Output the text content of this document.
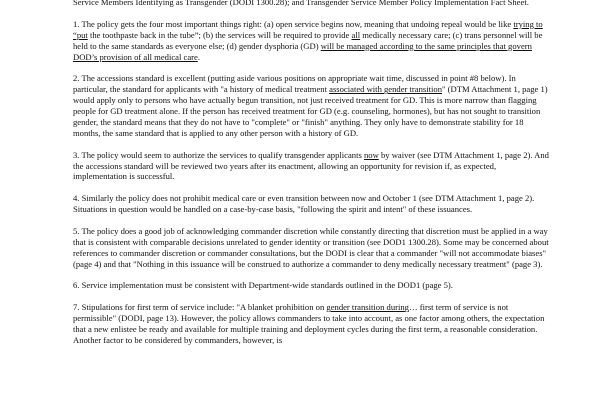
Service Members Identifying as Transgender (DODI 1300.28); and Transgender Service Member Policy Implementation Fact Sheet.

1. The policy gets the four most important things right: (a) open service begins now, meaning that undoing repeal would be like trying to “put the toothpaste back in the tube”; (b) the services will be required to provide all medically necessary care; (c) trans personnel will be held to the same standards as everyone else; (d) gender dysphoria (GD) will be managed according to the same principles that govern DOD’s provision of all medical care.

2. The accessions standard is excellent (putting aside various positions on appropriate wait time, discussed in point #8 below). In particular, the standard for applicants with "a history of medical treatment associated with gender transition" (DTM Attachment 1, page 1) would apply only to persons who have actually begun transition, not just received treatment for GD. This is more narrow than flagging people for GD treatment alone. If the person has received treatment for GD (e.g. counseling, hormones), but has not sought to transition gender, the standard means that they do not have to "complete" or "finish" anything. They only have to demonstrate stability for 18 months, the same standard that is applied to any other person with a history of GD.

3. The policy would seem to authorize the services to qualify transgender applicants now by waiver (see DTM Attachment 1, page 2). And the accessions standard will be reviewed two years after its enactment, allowing an opportunity for revision if, as expected, implementation is successful.

4. Similarly the policy does not prohibit medical care or even transition between now and October 1 (see DTM Attachment 1, page 2). Situations in question would be handled on a case-by-case basis, "following the spirit and intent" of these issuances.

5. The policy does a good job of acknowledging commander discretion while constantly directing that discretion must be applied in a way that is consistent with comparable decisions unrelated to gender identity or transition (see DOD1 1300.28). Some may be concerned about references to commander discretion or commander consultations, but the DODI is clear that a commander "will not accommodate biases" (page 4) and that "Nothing in this issuance will be construed to authorize a commander to deny medically necessary treatment" (page 3).

6. Service implementation must be consistent with Department-wide standards outlined in the DOD1 (page 5).

7. Stipulations for first term of service include: "A blanket prohibition on gender transition during… first term of service is not permissible" (DODI, page 13). However, the policy allows commanders to take into account, as one factor among others, the expectation that a new enlistee be ready and available for multiple training and deployment cycles during the first term, a reasonable consideration. Another factor to be considered by commanders, however, is
